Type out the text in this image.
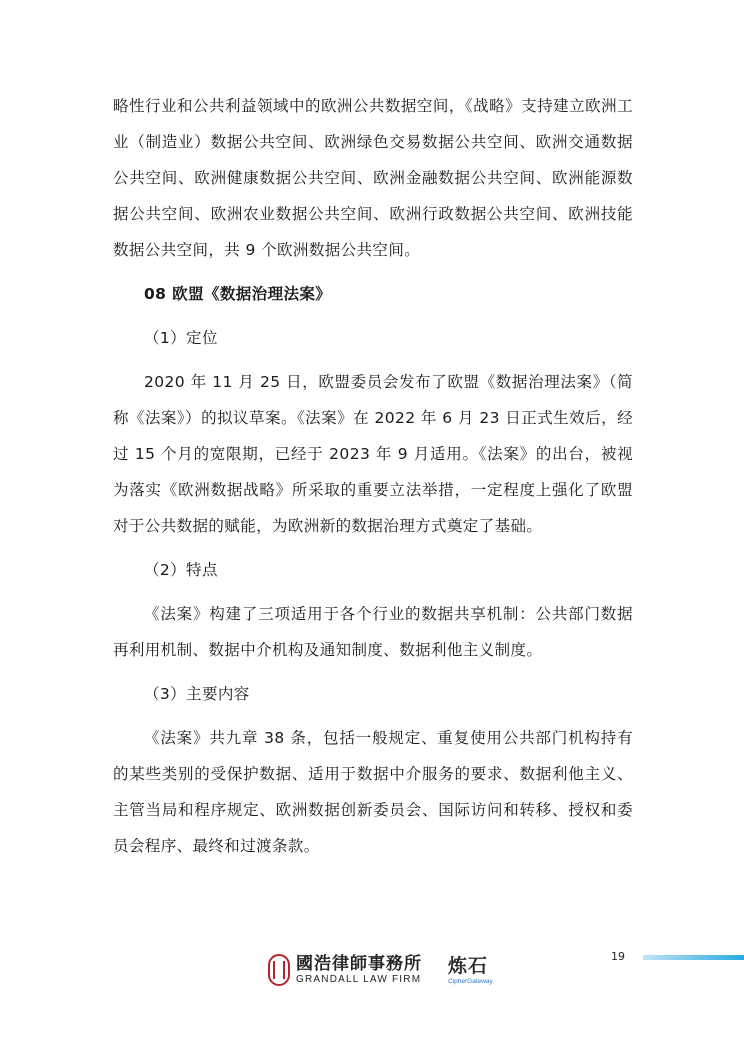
略性行业和公共利益领域中的欧洲公共数据空间，《战略》支持建立欧洲工业（制造业）数据公共空间、欧洲绿色交易数据公共空间、欧洲交通数据公共空间、欧洲健康数据公共空间、欧洲金融数据公共空间、欧洲能源数据公共空间、欧洲农业数据公共空间、欧洲行政数据公共空间、欧洲技能数据公共空间，共 9 个欧洲数据公共空间。

08 欧盟《数据治理法案》

（1）定位

2020 年 11 月 25 日，欧盟委员会发布了欧盟《数据治理法案》（简称《法案》）的拟议草案。《法案》在 2022 年 6 月 23 日正式生效后，经过 15 个月的宽限期，已经于 2023 年 9 月适用。《法案》的出台，被视为落实《欧洲数据战略》所采取的重要立法举措，一定程度上强化了欧盟对于公共数据的赋能，为欧洲新的数据治理方式奠定了基础。

（2）特点

《法案》构建了三项适用于各个行业的数据共享机制：公共部门数据再利用机制、数据中介机构及通知制度、数据利他主义制度。

（3）主要内容

《法案》共九章 38 条，包括一般规定、重复使用公共部门机构持有的某些类别的受保护数据、适用于数据中介服务的要求、数据利他主义、主管当局和程序规定、欧洲数据创新委员会、国际访问和转移、授权和委员会程序、最终和过渡条款。

國浩律師事務所
GRANDALL LAW FIRM
炼石
CipherGateway
19
